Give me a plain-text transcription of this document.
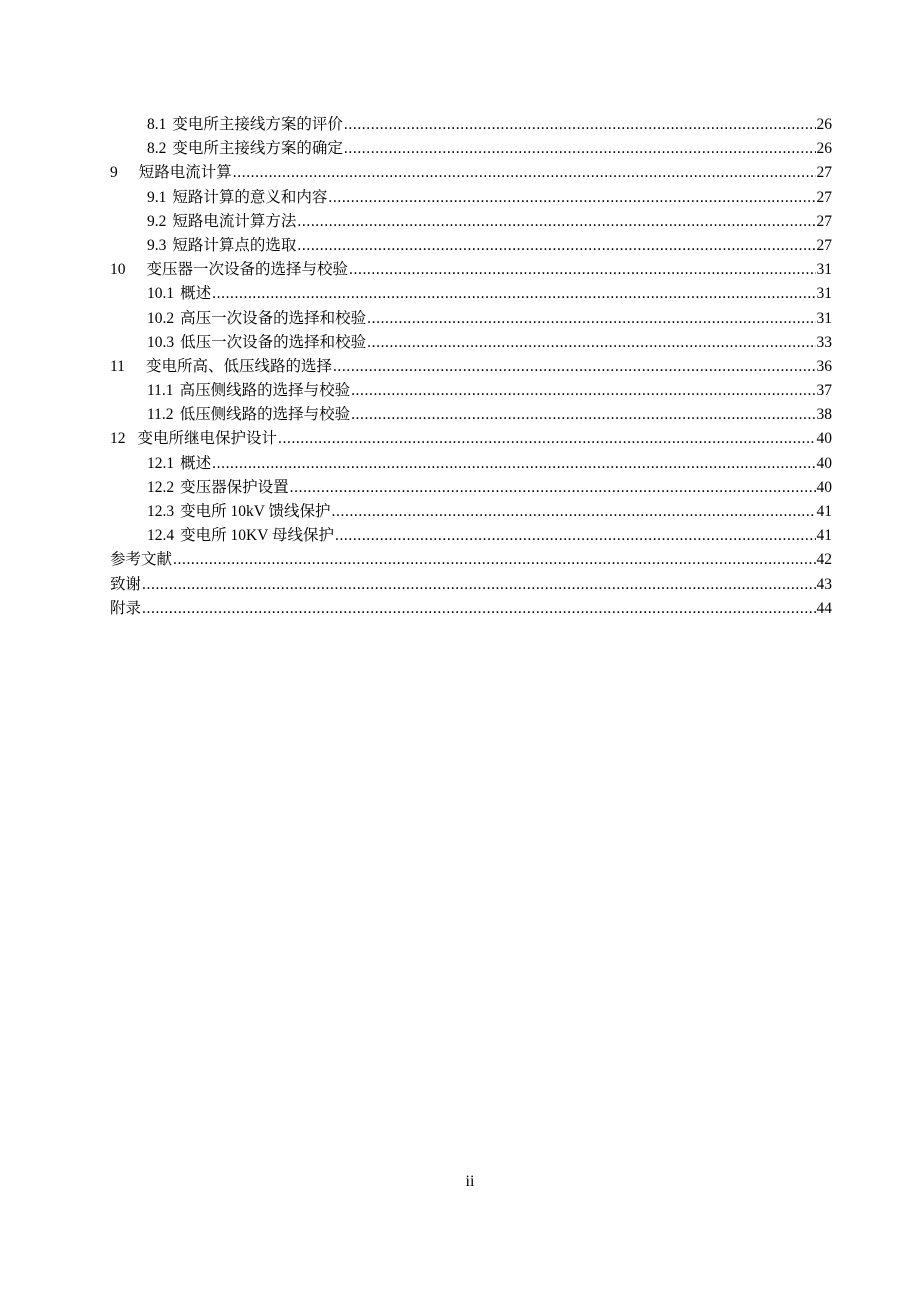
8.1 变电所主接线方案的评价 .....	26
8.2 变电所主接线方案的确定 .....	26
9 短路电流计算 .....	27
9.1 短路计算的意义和内容 .....	27
9.2 短路电流计算方法 .....	27
9.3 短路计算点的选取 .....	27
10 变压器一次设备的选择与校验 .....	31
10.1 概述 .....	31
10.2 高压一次设备的选择和校验 .....	31
10.3 低压一次设备的选择和校验 .....	33
11 变电所高、低压线路的选择 .....	36
11.1 高压侧线路的选择与校验 .....	37
11.2 低压侧线路的选择与校验 .....	38
12 变电所继电保护设计 .....	40
12.1 概述 .....	40
12.2 变压器保护设置 .....	40
12.3 变电所 10kV 馈线保护 .....	41
12.4 变电所 10KV 母线保护 .....	41
参考文献 .....	42
致谢 .....	43
附录 .....	44
ii
